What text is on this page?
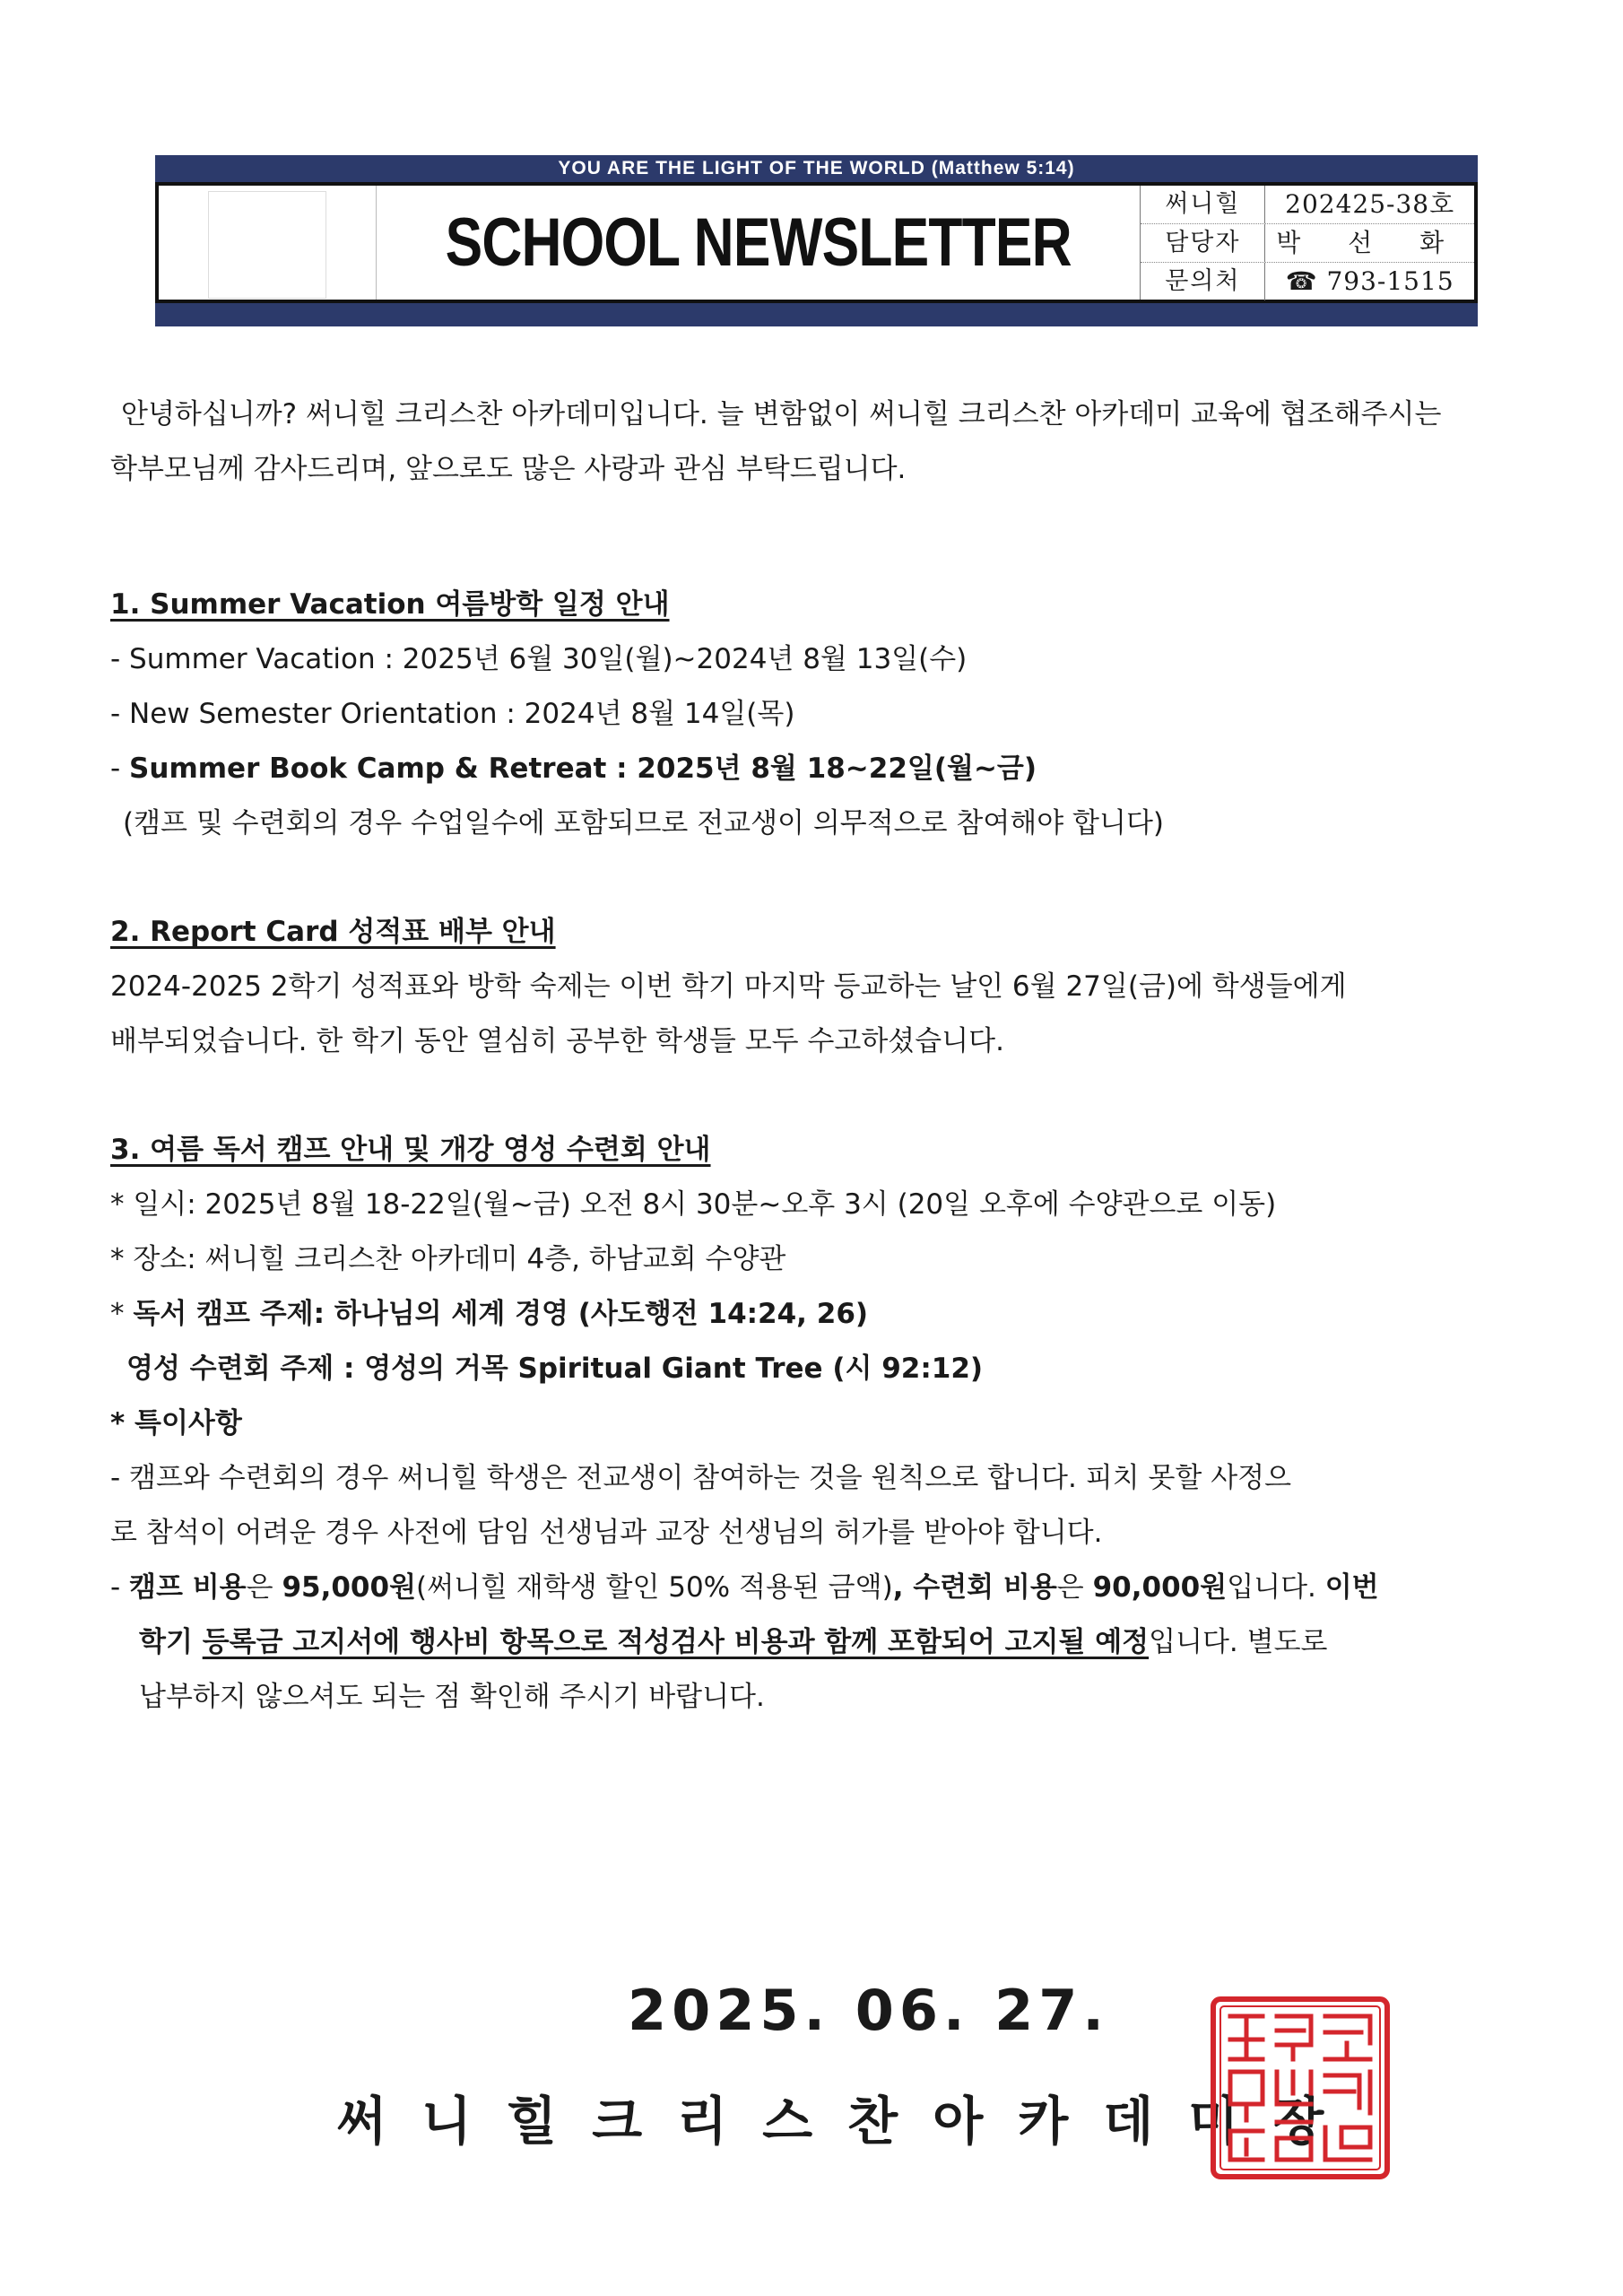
YOU ARE THE LIGHT OF THE WORLD (Matthew 5:14)
SCHOOL NEWSLETTER
써니힐	202425-38호
담당자	박 선 화
문의처	☎ 793-1515
안녕하십니까? 써니힐 크리스찬 아카데미입니다. 늘 변함없이 써니힐 크리스찬 아카데미 교육에 협조해주시는
학부모님께 감사드리며, 앞으로도 많은 사랑과 관심 부탁드립니다.
1. Summer Vacation 여름방학 일정 안내
- Summer Vacation : 2025년 6월 30일(월)~2024년 8월 13일(수)
- New Semester Orientation : 2024년 8월 14일(목)
- Summer Book Camp & Retreat : 2025년 8월 18~22일(월~금)
(캠프 및 수련회의 경우 수업일수에 포함되므로 전교생이 의무적으로 참여해야 합니다)
2. Report Card 성적표 배부 안내
2024-2025 2학기 성적표와 방학 숙제는 이번 학기 마지막 등교하는 날인 6월 27일(금)에 학생들에게
배부되었습니다. 한 학기 동안 열심히 공부한 학생들 모두 수고하셨습니다.
3. 여름 독서 캠프 안내 및 개강 영성 수련회 안내
* 일시: 2025년 8월 18-22일(월~금) 오전 8시 30분~오후 3시 (20일 오후에 수양관으로 이동)
* 장소: 써니힐 크리스찬 아카데미 4층, 하남교회 수양관
* 독서 캠프 주제: 하나님의 세계 경영 (사도행전 14:24, 26)
영성 수련회 주제 : 영성의 거목 Spiritual Giant Tree (시 92:12)
* 특이사항
- 캠프와 수련회의 경우 써니힐 학생은 전교생이 참여하는 것을 원칙으로 합니다. 피치 못할 사정으
로 참석이 어려운 경우 사전에 담임 선생님과 교장 선생님의 허가를 받아야 합니다.
- 캠프 비용은 95,000원(써니힐 재학생 할인 50% 적용된 금액), 수련회 비용은 90,000원입니다. 이번
학기 등록금 고지서에 행사비 항목으로 적성검사 비용과 함께 포함되어 고지될 예정입니다. 별도로
납부하지 않으셔도 되는 점 확인해 주시기 바랍니다.
2025. 06. 27.
써니힐크리스찬아카데미장
